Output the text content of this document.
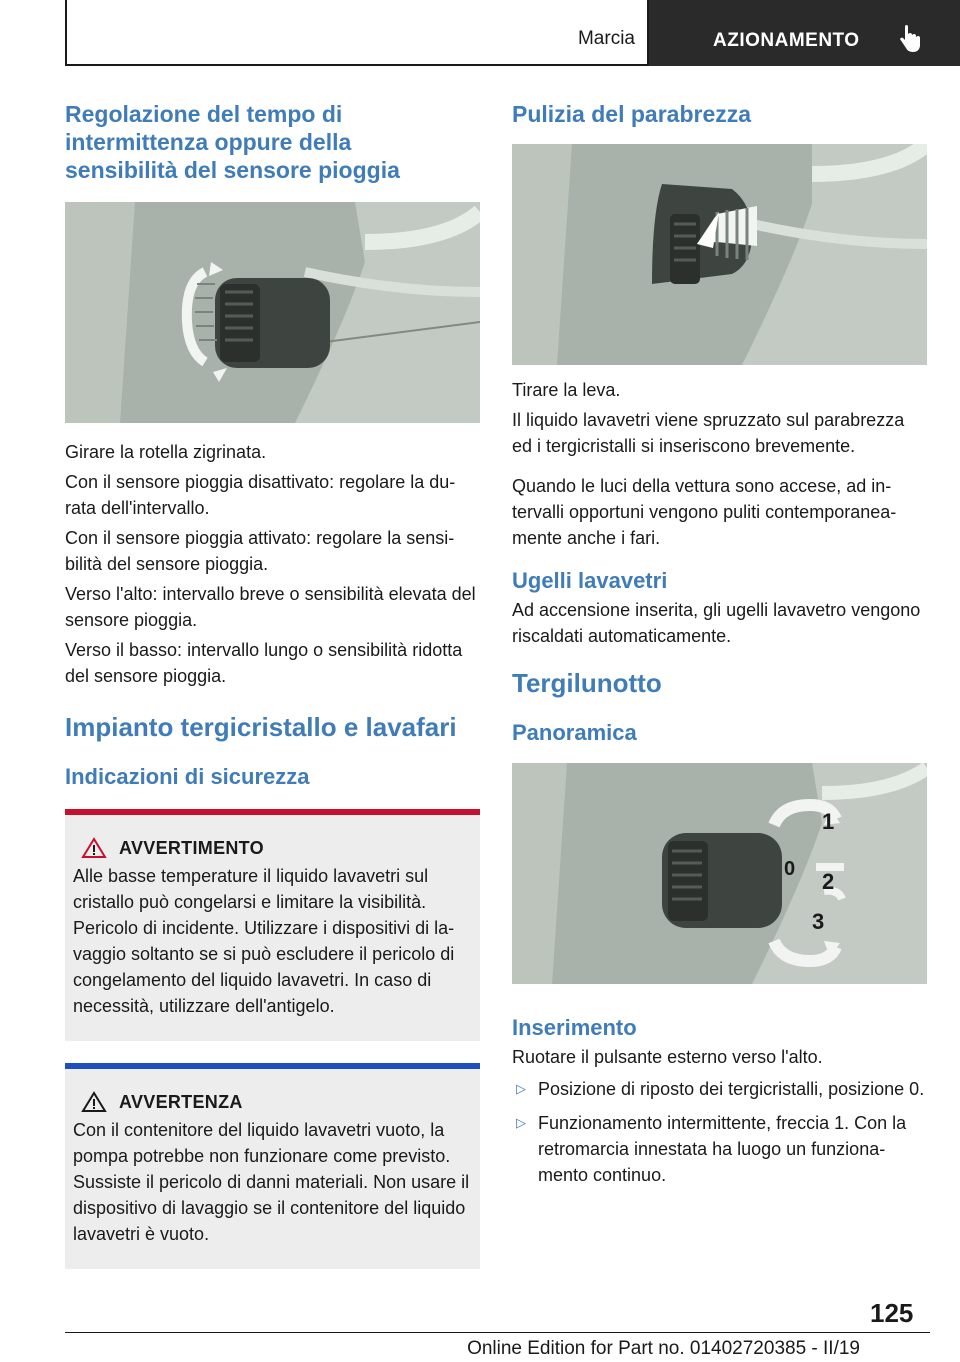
Marcia	AZIONAMENTO
Regolazione del tempo di intermittenza oppure della sensibilità del sensore pioggia

Girare la rotella zigrinata.

Con il sensore pioggia disattivato: regolare la durata dell'intervallo.

Con il sensore pioggia attivato: regolare la sensibilità del sensore pioggia.

Verso l'alto: intervallo breve o sensibilità elevata del sensore pioggia.

Verso il basso: intervallo lungo o sensibilità ridotta del sensore pioggia.

Impianto tergicristallo e lavafari
Indicazioni di sicurezza
AVVERTIMENTO

Alle basse temperature il liquido lavavetri sul cristallo può congelarsi e limitare la visibilità. Pericolo di incidente. Utilizzare i dispositivi di lavaggio soltanto se si può escludere il pericolo di congelamento del liquido lavavetri. In caso di necessità, utilizzare dell'antigelo.

AVVERTENZA

Con il contenitore del liquido lavavetri vuoto, la pompa potrebbe non funzionare come previsto. Sussiste il pericolo di danni materiali. Non usare il dispositivo di lavaggio se il contenitore del liquido lavavetri è vuoto.

Pulizia del parabrezza

Tirare la leva.

Il liquido lavavetri viene spruzzato sul parabrezza ed i tergicristalli si inseriscono brevemente.

Quando le luci della vettura sono accese, ad intervalli opportuni vengono puliti contemporaneamente anche i fari.

Ugelli lavavetri

Ad accensione inserita, gli ugelli lavavetro vengono riscaldati automaticamente.

Tergilunotto
Panoramica
1
0 2
3
Inserimento

Ruotare il pulsante esterno verso l'alto.

▷ Posizione di riposto dei tergicristalli, posizione 0.
▷ Funzionamento intermittente, freccia 1. Con la retromarcia innestata ha luogo un funzionamento continuo.
125
Online Edition for Part no. 01402720385 - II/19
